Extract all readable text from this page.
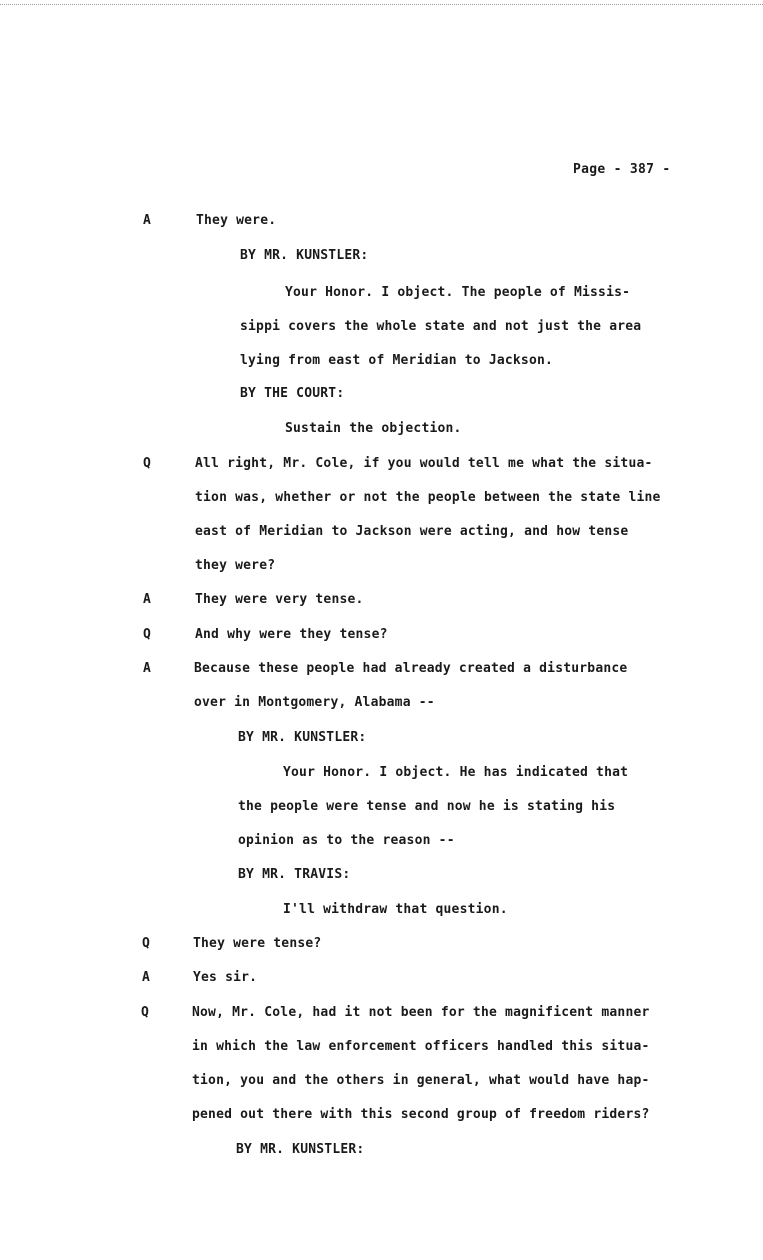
Page - 387 -
A	They were.
BY MR. KUNSTLER:
Your Honor. I object. The people of Missis-
sippi covers the whole state and not just the area
lying from east of Meridian to Jackson.
BY THE COURT:
Sustain the objection.
Q	All right, Mr. Cole, if you would tell me what the situa-
tion was, whether or not the people between the state line
east of Meridian to Jackson were acting, and how tense
they were?
A	They were very tense.
Q	And why were they tense?
A	Because these people had already created a disturbance
over in Montgomery, Alabama --
BY MR. KUNSTLER:
Your Honor. I object. He has indicated that
the people were tense and now he is stating his
opinion as to the reason --
BY MR. TRAVIS:
I'll withdraw that question.
Q	They were tense?
A	Yes sir.
Q	Now, Mr. Cole, had it not been for the magnificent manner
in which the law enforcement officers handled this situa-
tion, you and the others in general, what would have hap-
pened out there with this second group of freedom riders?
BY MR. KUNSTLER:
